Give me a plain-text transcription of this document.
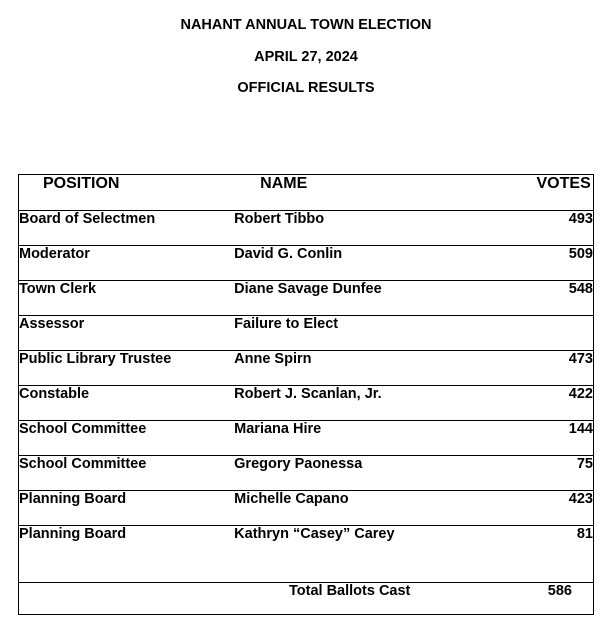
NAHANT ANNUAL TOWN ELECTION
APRIL 27, 2024
OFFICIAL RESULTS
POSITION	NAME	VOTES
Board of Selectmen	Robert Tibbo	493
Moderator	David G. Conlin	509
Town Clerk	Diane Savage Dunfee	548
Assessor	Failure to Elect	
Public Library Trustee	Anne Spirn	473
Constable	Robert J. Scanlan, Jr.	422
School Committee	Mariana Hire	144
School Committee	Gregory Paonessa	75
Planning Board	Michelle Capano	423
Planning Board	Kathryn “Casey” Carey	81
Total Ballots Cast		586
